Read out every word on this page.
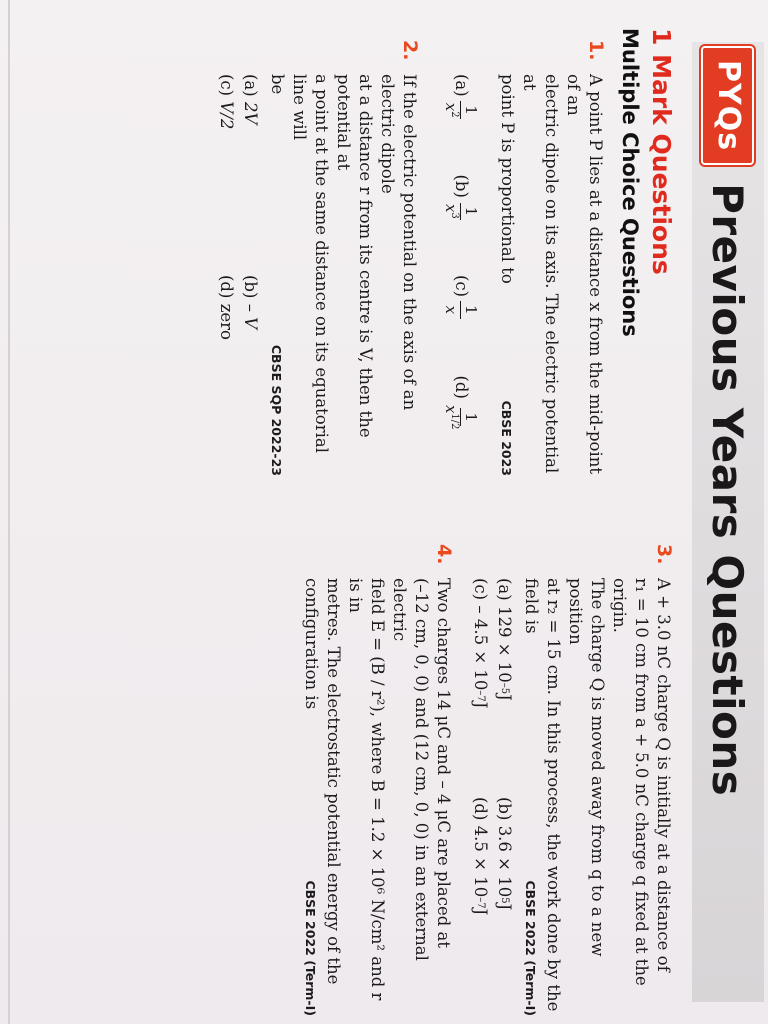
PYQs
Previous Years Questions
1 Mark Questions
Multiple Choice Questions
1.

A point P lies at a distance x from the mid-point of an
electric dipole on its axis. The electric potential at
point P is proportional to

CBSE 2023
(a)
1
$x^2$
(b)
1
$x^3$
(c)
1
x
(d)
1
$x^{1/2}$
2.

If the electric potential on the axis of an electric dipole
at a distance r from its centre is V, then the potential at
a point at the same distance on its equatorial line will
be

CBSE SQP 2022-23
(a)

2V
(b)

– V
(c)

V/2
(d)

zero
3.

A + 3.0 nC charge Q is initially at a distance of
r₁ = 10 cm from a + 5.0 nC charge q fixed at the origin.
The charge Q is moved away from q to a new position
at r₂ = 15 cm. In this process, the work done by the
field is

CBSE 2022 (Term-I)
(a)

129 × 10
–5
J
(b)

3.6 × 10
5
J
(c)

– 4.5 × 10
–7
J
(d)

4.5 × 10
–7
J
4.

Two charges 14 μC and – 4 μC are placed at
(–12 cm, 0, 0) and (12 cm, 0, 0) in an external electric
field E = (B / r²), where B = 1.2 × 10⁶ N/cm² and r is in
metres. The electrostatic potential energy of the
configuration is

CBSE 2022 (Term-I)
